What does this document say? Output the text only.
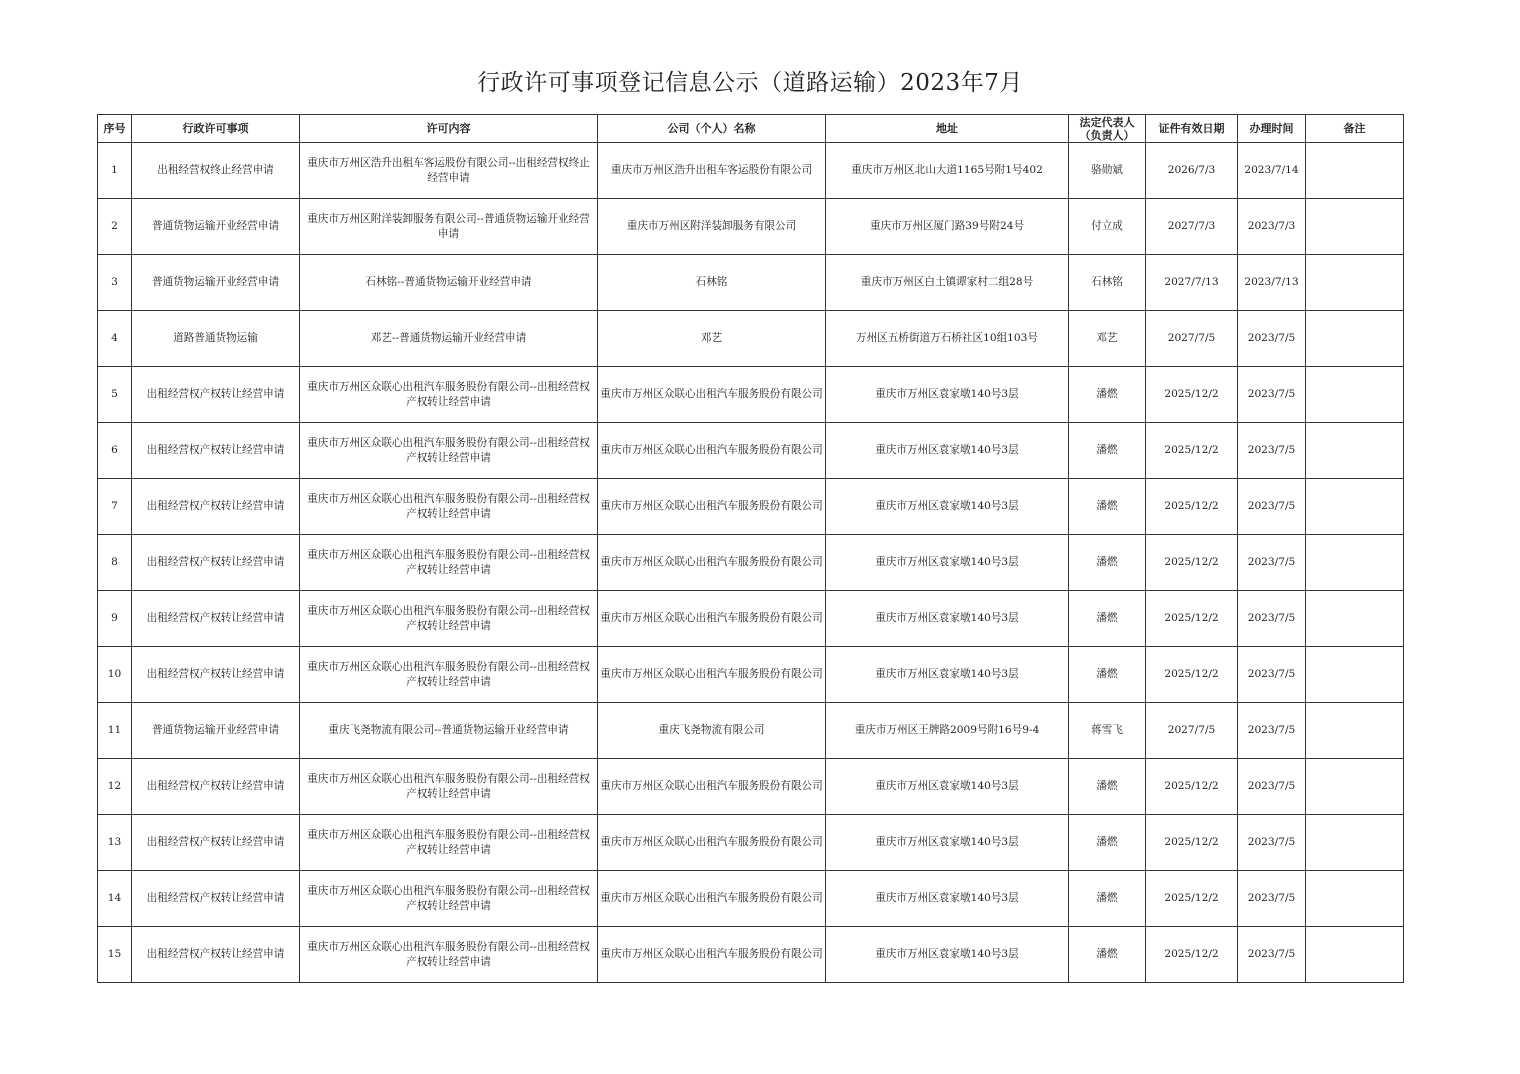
行政许可事项登记信息公示（道路运输）2023年7月
序号	行政许可事项	许可内容	公司（个人）名称	地址	法定代表人（负责人）	证件有效日期	办理时间	备注
1	出租经营权终止经营申请	重庆市万州区浩升出租车客运股份有限公司--出租经营权终止经营申请	重庆市万州区浩升出租车客运股份有限公司	重庆市万州区北山大道1165号附1号402	骆勋斌	2026/7/3	2023/7/14	
2	普通货物运输开业经营申请	重庆市万州区附洋装卸服务有限公司--普通货物运输开业经营申请	重庆市万州区附洋装卸服务有限公司	重庆市万州区厦门路39号附24号	付立成	2027/7/3	2023/7/3	
3	普通货物运输开业经营申请	石林铭--普通货物运输开业经营申请	石林铭	重庆市万州区白土镇谭家村二组28号	石林铭	2027/7/13	2023/7/13	
4	道路普通货物运输	邓艺--普通货物运输开业经营申请	邓艺	万州区五桥街道万石桥社区10组103号	邓艺	2027/7/5	2023/7/5	
5	出租经营权产权转让经营申请	重庆市万州区众联心出租汽车服务股份有限公司--出租经营权产权转让经营申请	重庆市万州区众联心出租汽车服务股份有限公司	重庆市万州区袁家墩140号3层	潘燃	2025/12/2	2023/7/5	
6	出租经营权产权转让经营申请	重庆市万州区众联心出租汽车服务股份有限公司--出租经营权产权转让经营申请	重庆市万州区众联心出租汽车服务股份有限公司	重庆市万州区袁家墩140号3层	潘燃	2025/12/2	2023/7/5	
7	出租经营权产权转让经营申请	重庆市万州区众联心出租汽车服务股份有限公司--出租经营权产权转让经营申请	重庆市万州区众联心出租汽车服务股份有限公司	重庆市万州区袁家墩140号3层	潘燃	2025/12/2	2023/7/5	
8	出租经营权产权转让经营申请	重庆市万州区众联心出租汽车服务股份有限公司--出租经营权产权转让经营申请	重庆市万州区众联心出租汽车服务股份有限公司	重庆市万州区袁家墩140号3层	潘燃	2025/12/2	2023/7/5	
9	出租经营权产权转让经营申请	重庆市万州区众联心出租汽车服务股份有限公司--出租经营权产权转让经营申请	重庆市万州区众联心出租汽车服务股份有限公司	重庆市万州区袁家墩140号3层	潘燃	2025/12/2	2023/7/5	
10	出租经营权产权转让经营申请	重庆市万州区众联心出租汽车服务股份有限公司--出租经营权产权转让经营申请	重庆市万州区众联心出租汽车服务股份有限公司	重庆市万州区袁家墩140号3层	潘燃	2025/12/2	2023/7/5	
11	普通货物运输开业经营申请	重庆飞尧物流有限公司--普通货物运输开业经营申请	重庆飞尧物流有限公司	重庆市万州区王牌路2009号附16号9-4	蒋雪飞	2027/7/5	2023/7/5	
12	出租经营权产权转让经营申请	重庆市万州区众联心出租汽车服务股份有限公司--出租经营权产权转让经营申请	重庆市万州区众联心出租汽车服务股份有限公司	重庆市万州区袁家墩140号3层	潘燃	2025/12/2	2023/7/5	
13	出租经营权产权转让经营申请	重庆市万州区众联心出租汽车服务股份有限公司--出租经营权产权转让经营申请	重庆市万州区众联心出租汽车服务股份有限公司	重庆市万州区袁家墩140号3层	潘燃	2025/12/2	2023/7/5	
14	出租经营权产权转让经营申请	重庆市万州区众联心出租汽车服务股份有限公司--出租经营权产权转让经营申请	重庆市万州区众联心出租汽车服务股份有限公司	重庆市万州区袁家墩140号3层	潘燃	2025/12/2	2023/7/5	
15	出租经营权产权转让经营申请	重庆市万州区众联心出租汽车服务股份有限公司--出租经营权产权转让经营申请	重庆市万州区众联心出租汽车服务股份有限公司	重庆市万州区袁家墩140号3层	潘燃	2025/12/2	2023/7/5	
